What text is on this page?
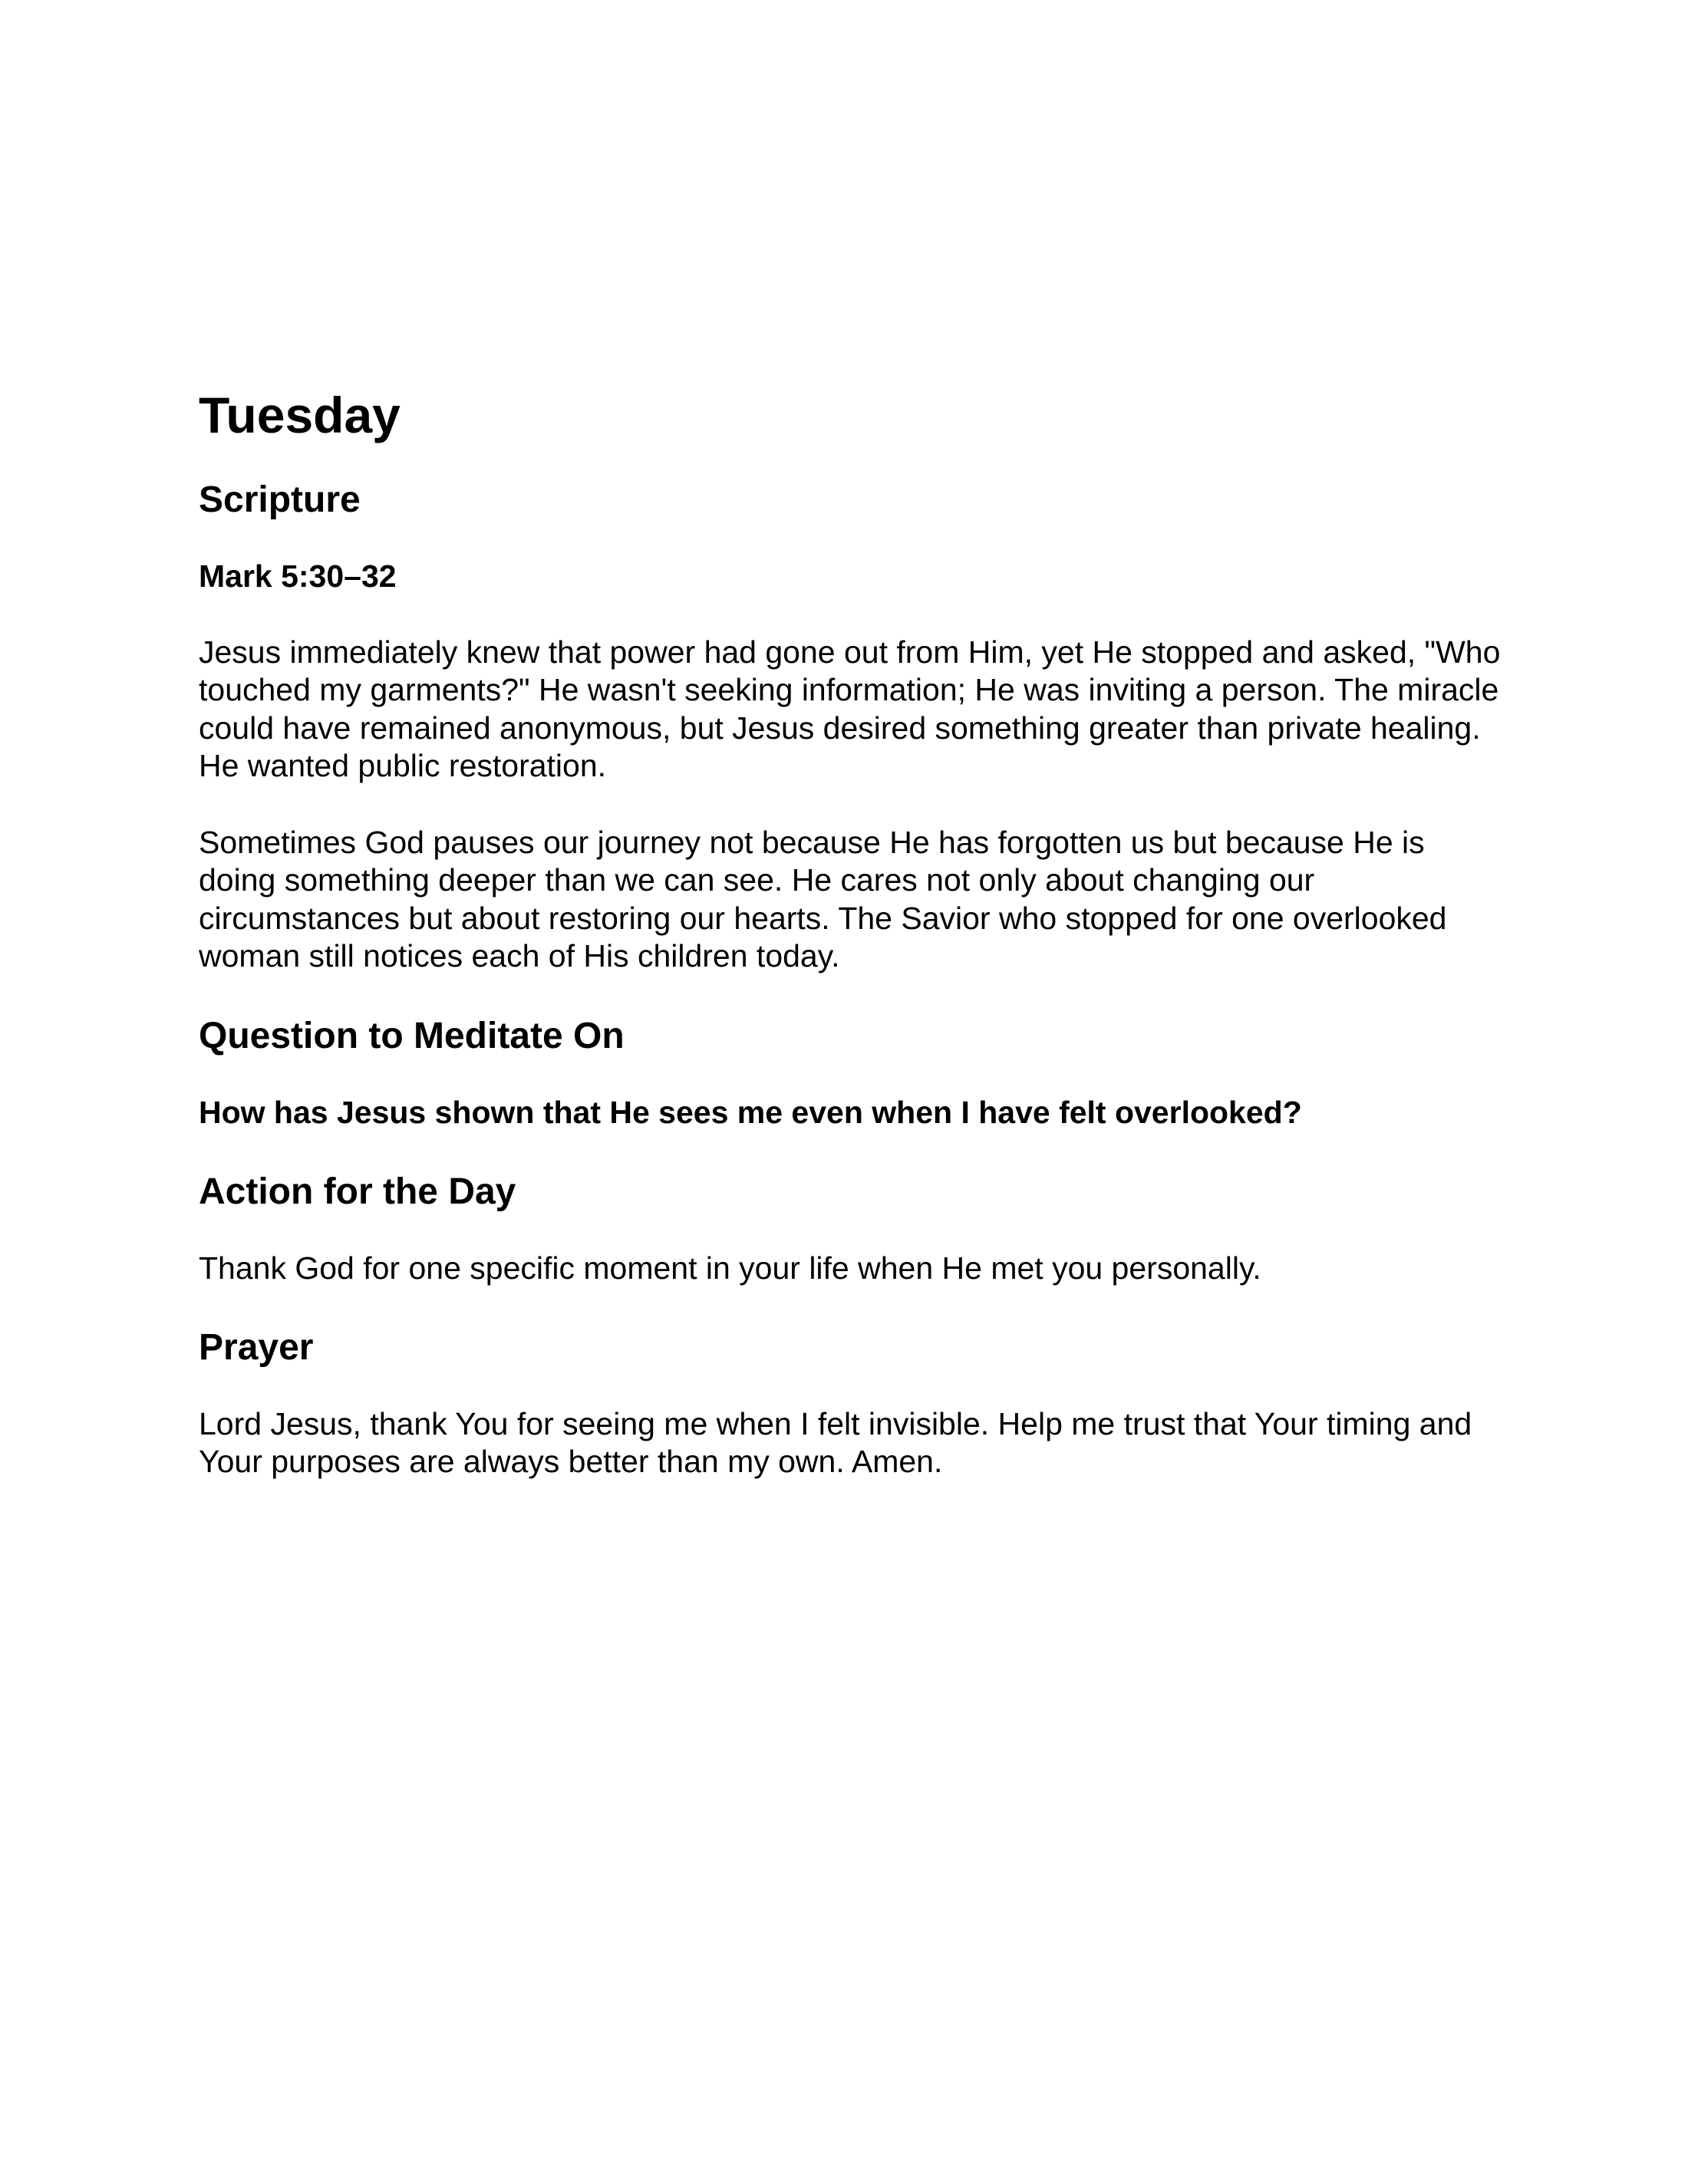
Tuesday
Scripture
Mark 5:30–32

Jesus immediately knew that power had gone out from Him, yet He stopped and asked, "Who touched my garments?" He wasn't seeking information; He was inviting a person. The miracle could have remained anonymous, but Jesus desired something greater than private healing. He wanted public restoration.

Sometimes God pauses our journey not because He has forgotten us but because He is doing something deeper than we can see. He cares not only about changing our circumstances but about restoring our hearts. The Savior who stopped for one overlooked woman still notices each of His children today.

Question to Meditate On

How has Jesus shown that He sees me even when I have felt overlooked?

Action for the Day

Thank God for one specific moment in your life when He met you personally.

Prayer

Lord Jesus, thank You for seeing me when I felt invisible. Help me trust that Your timing and Your purposes are always better than my own. Amen.
